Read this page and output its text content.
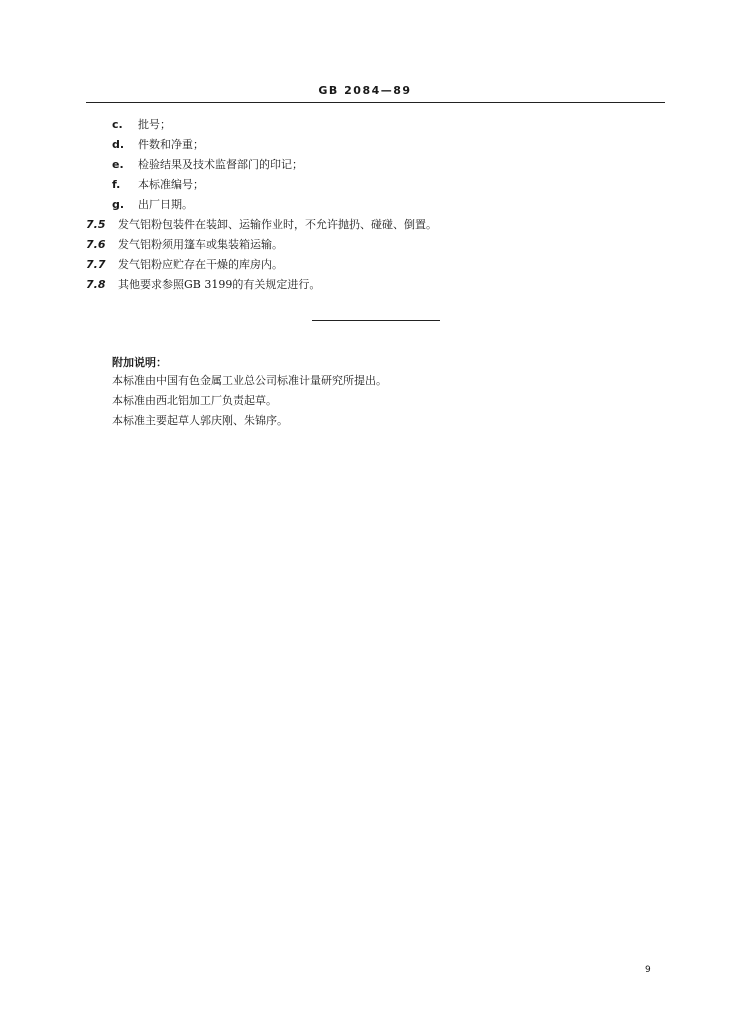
GB 2084—89
c. 批号；
d. 件数和净重；
e. 检验结果及技术监督部门的印记；
f. 本标准编号；
g. 出厂日期。
7.5 发气铝粉包装件在装卸、运输作业时，不允许抛扔、碰碰、倒置。
7.6 发气铝粉须用篷车或集装箱运输。
7.7 发气铝粉应贮存在干燥的库房内。
7.8 其他要求参照GB 3199的有关规定进行。
附加说明：
本标准由中国有色金属工业总公司标准计量研究所提出。
本标准由西北铝加工厂负责起草。
本标准主要起草人郭庆刚、朱锦序。
9
